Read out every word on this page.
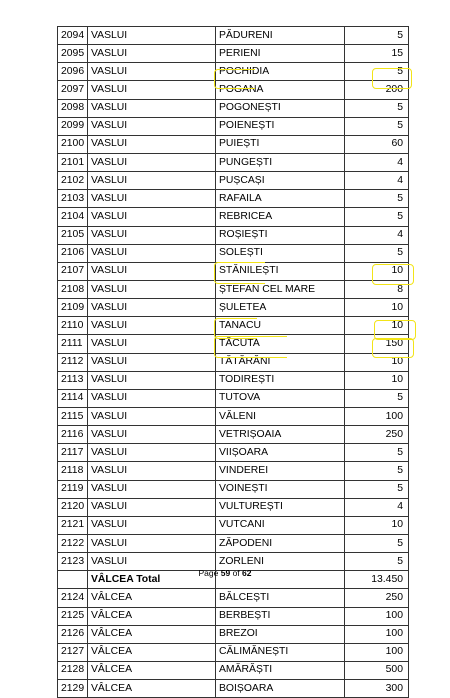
2094	VASLUI	PĂDURENI	5
2095	VASLUI	PERIENI	15
2096	VASLUI	POCHIDIA	5
2097	VASLUI	POGANA	200
2098	VASLUI	POGONEȘTI	5
2099	VASLUI	POIENEȘTI	5
2100	VASLUI	PUIEȘTI	60
2101	VASLUI	PUNGEȘTI	4
2102	VASLUI	PUȘCAȘI	4
2103	VASLUI	RAFAILA	5
2104	VASLUI	REBRICEA	5
2105	VASLUI	ROȘIEȘTI	4
2106	VASLUI	SOLEȘTI	5
2107	VASLUI	STĂNILEȘTI	10
2108	VASLUI	ȘTEFAN CEL MARE	8
2109	VASLUI	ȘULETEA	10
2110	VASLUI	TANACU	10
2111	VASLUI	TĂCUTA	150
2112	VASLUI	TĂTĂRĂNI	10
2113	VASLUI	TODIREȘTI	10
2114	VASLUI	TUTOVA	5
2115	VASLUI	VĂLENI	100
2116	VASLUI	VETRIȘOAIA	250
2117	VASLUI	VIIȘOARA	5
2118	VASLUI	VINDEREI	5
2119	VASLUI	VOINEȘTI	5
2120	VASLUI	VULTUREȘTI	4
2121	VASLUI	VUTCANI	10
2122	VASLUI	ZĂPODENI	5
2123	VASLUI	ZORLENI	5
	VÂLCEA Total		13.450
2124	VÂLCEA	BĂLCEȘTI	250
2125	VÂLCEA	BERBEȘTI	100
2126	VÂLCEA	BREZOI	100
2127	VÂLCEA	CĂLIMĂNEȘTI	100
2128	VÂLCEA	AMĂRĂȘTI	500
2129	VÂLCEA	BOIȘOARA	300
Page 59 of 62
